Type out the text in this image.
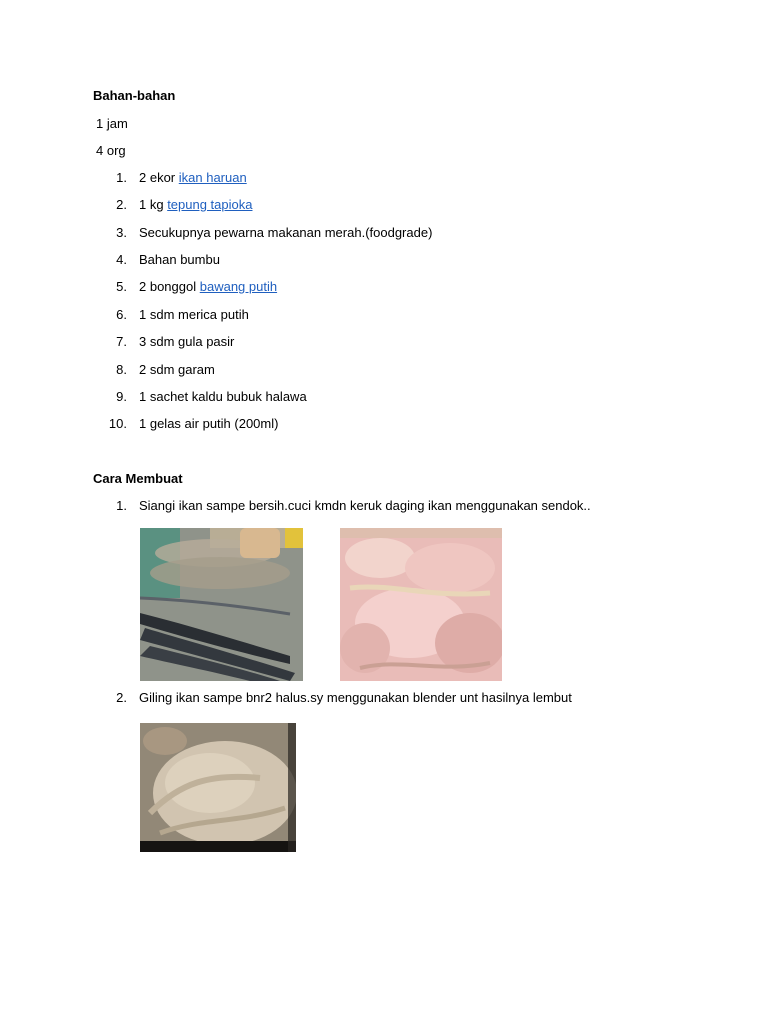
Bahan-bahan
1 jam
4 org
1. 2 ekor ikan haruan
2. 1 kg tepung tapioka
3. Secukupnya pewarna makanan merah.(foodgrade)
4. Bahan bumbu
5. 2 bonggol bawang putih
6. 1 sdm merica putih
7. 3 sdm gula pasir
8. 2 sdm garam
9. 1 sachet kaldu bubuk halawa
10. 1 gelas air putih (200ml)
Cara Membuat
1. Siangi ikan sampe bersih.cuci kmdn keruk daging ikan menggunakan sendok..
2. Giling ikan sampe bnr2 halus.sy menggunakan blender unt hasilnya lembut
